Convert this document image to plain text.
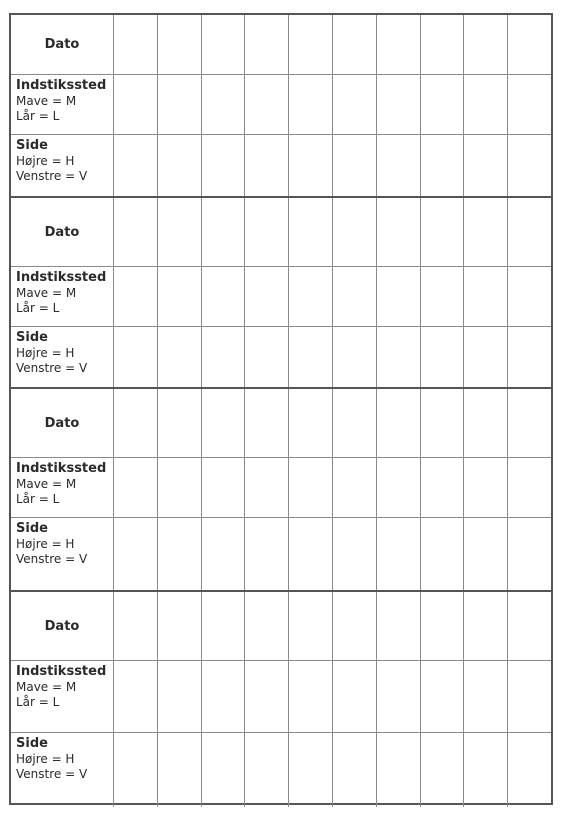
Dato
Indstikssted
Mave = M
Lår = L
Side
Højre = H
Venstre = V
Dato
Indstikssted
Mave = M
Lår = L
Side
Højre = H
Venstre = V
Dato
Indstikssted
Mave = M
Lår = L
Side
Højre = H
Venstre = V
Dato
Indstikssted
Mave = M
Lår = L
Side
Højre = H
Venstre = V
